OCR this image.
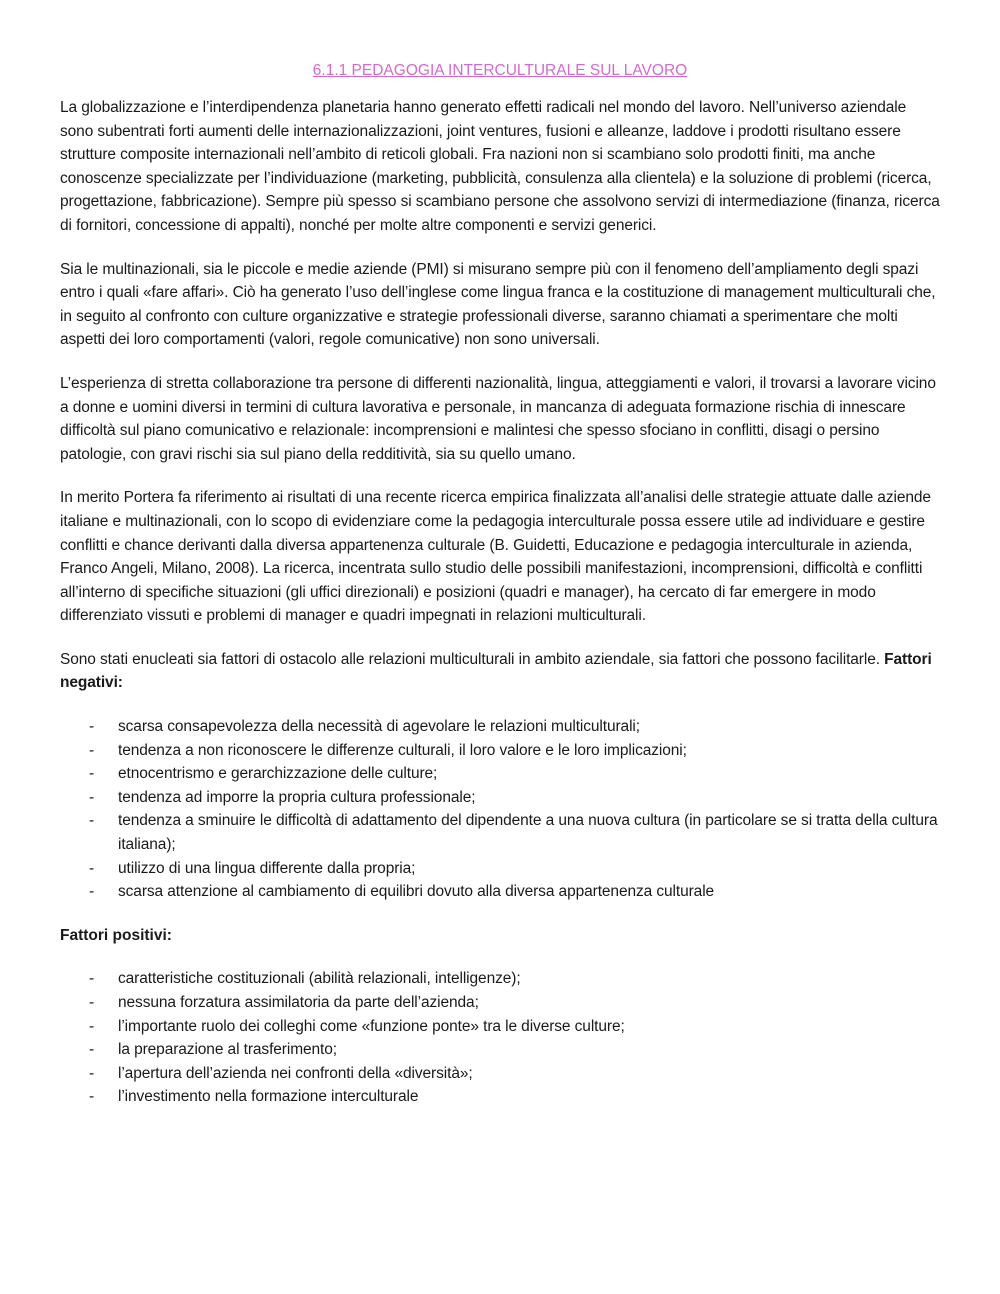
6.1.1 PEDAGOGIA INTERCULTURALE SUL LAVORO

La globalizzazione e l’interdipendenza planetaria hanno generato effetti radicali nel mondo del lavoro. Nell’universo aziendale sono subentrati forti aumenti delle internazionalizzazioni, joint ventures, fusioni e alleanze, laddove i prodotti risultano essere strutture composite internazionali nell’ambito di reticoli globali. Fra nazioni non si scambiano solo prodotti finiti, ma anche conoscenze specializzate per l’individuazione (marketing, pubblicità, consulenza alla clientela) e la soluzione di problemi (ricerca, progettazione, fabbricazione). Sempre più spesso si scambiano persone che assolvono servizi di intermediazione (finanza, ricerca di fornitori, concessione di appalti), nonché per molte altre componenti e servizi generici.

Sia le multinazionali, sia le piccole e medie aziende (PMI) si misurano sempre più con il fenomeno dell’ampliamento degli spazi entro i quali «fare affari». Ciò ha generato l’uso dell’inglese come lingua franca e la costituzione di management multiculturali che, in seguito al confronto con culture organizzative e strategie professionali diverse, saranno chiamati a sperimentare che molti aspetti dei loro comportamenti (valori, regole comunicative) non sono universali.

L’esperienza di stretta collaborazione tra persone di differenti nazionalità, lingua, atteggiamenti e valori, il trovarsi a lavorare vicino a donne e uomini diversi in termini di cultura lavorativa e personale, in mancanza di adeguata formazione rischia di innescare difficoltà sul piano comunicativo e relazionale: incomprensioni e malintesi che spesso sfociano in conflitti, disagi o persino patologie, con gravi rischi sia sul piano della redditività, sia su quello umano.

In merito Portera fa riferimento ai risultati di una recente ricerca empirica finalizzata all’analisi delle strategie attuate dalle aziende italiane e multinazionali, con lo scopo di evidenziare come la pedagogia interculturale possa essere utile ad individuare e gestire conflitti e chance derivanti dalla diversa appartenenza culturale (B. Guidetti, Educazione e pedagogia interculturale in azienda, Franco Angeli, Milano, 2008). La ricerca, incentrata sullo studio delle possibili manifestazioni, incomprensioni, difficoltà e conflitti all’interno di specifiche situazioni (gli uffici direzionali) e posizioni (quadri e manager), ha cercato di far emergere in modo differenziato vissuti e problemi di manager e quadri impegnati in relazioni multiculturali.

Sono stati enucleati sia fattori di ostacolo alle relazioni multiculturali in ambito aziendale, sia fattori che possono facilitarle. Fattori negativi:

- scarsa consapevolezza della necessità di agevolare le relazioni multiculturali;
- tendenza a non riconoscere le differenze culturali, il loro valore e le loro implicazioni;
- etnocentrismo e gerarchizzazione delle culture;
- tendenza ad imporre la propria cultura professionale;
- tendenza a sminuire le difficoltà di adattamento del dipendente a una nuova cultura (in particolare se si tratta della cultura italiana);
- utilizzo di una lingua differente dalla propria;
- scarsa attenzione al cambiamento di equilibri dovuto alla diversa appartenenza culturale
Fattori positivi:
- caratteristiche costituzionali (abilità relazionali, intelligenze);
- nessuna forzatura assimilatoria da parte dell’azienda;
- l’importante ruolo dei colleghi come «funzione ponte» tra le diverse culture;
- la preparazione al trasferimento;
- l’apertura dell’azienda nei confronti della «diversità»;
- l’investimento nella formazione interculturale
